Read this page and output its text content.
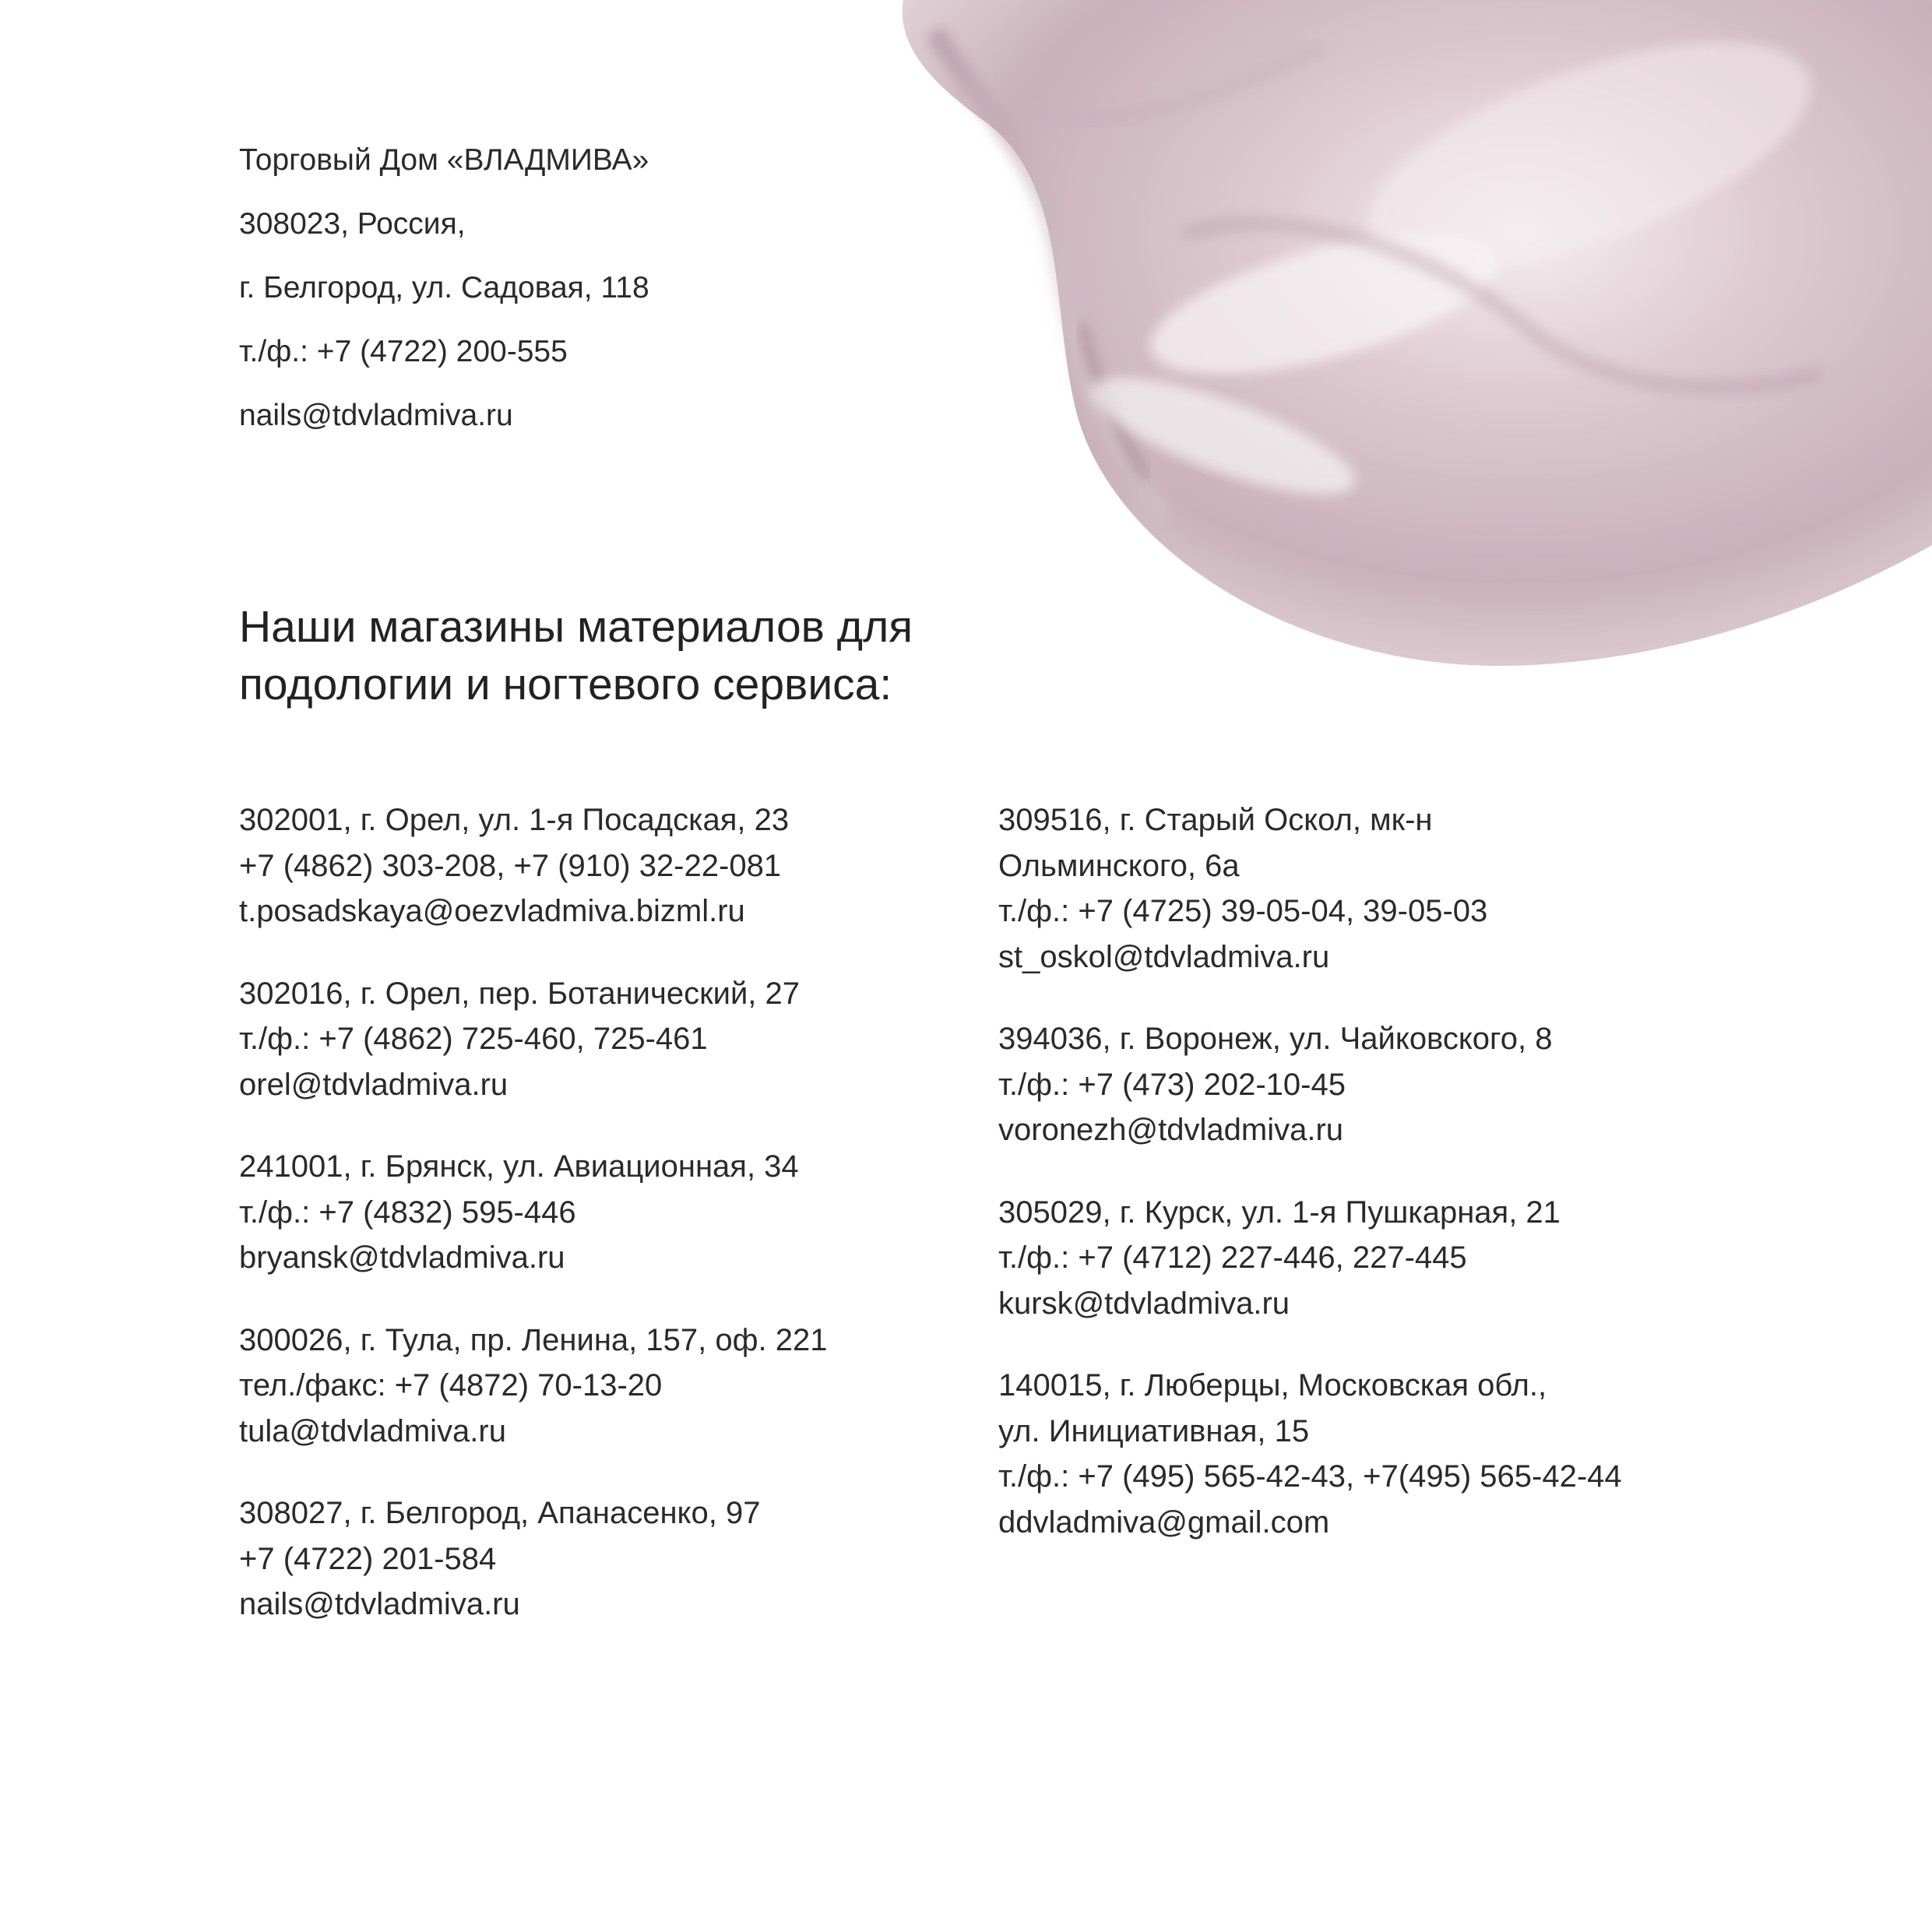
Торговый Дом «ВЛАДМИВА»
308023, Россия,
г. Белгород, ул. Садовая, 118
т./ф.: +7 (4722) 200-555
nails@tdvladmiva.ru
Наши магазины материалов для
подологии и ногтевого сервиса:
302001, г. Орел, ул. 1-я Посадская, 23
+7 (4862) 303-208, +7 (910) 32-22-081
t.posadskaya@oezvladmiva.bizml.ru
302016, г. Орел, пер. Ботанический, 27
т./ф.: +7 (4862) 725-460, 725-461
orel@tdvladmiva.ru
241001, г. Брянск, ул. Авиационная, 34
т./ф.: +7 (4832) 595-446
bryansk@tdvladmiva.ru
300026, г. Тула, пр. Ленина, 157, оф. 221
тел./факс: +7 (4872) 70-13-20
tula@tdvladmiva.ru
308027, г. Белгород, Апанасенко, 97
+7 (4722) 201-584
nails@tdvladmiva.ru
309516, г. Старый Оскол, мк-н
Ольминского, 6а
т./ф.: +7 (4725) 39-05-04, 39-05-03
st_oskol@tdvladmiva.ru
394036, г. Воронеж, ул. Чайковского, 8
т./ф.: +7 (473) 202-10-45
voronezh@tdvladmiva.ru
305029, г. Курск, ул. 1-я Пушкарная, 21
т./ф.: +7 (4712) 227-446, 227-445
kursk@tdvladmiva.ru
140015, г. Люберцы, Московская обл.,
ул. Инициативная, 15
т./ф.: +7 (495) 565-42-43, +7(495) 565-42-44
ddvladmiva@gmail.com
